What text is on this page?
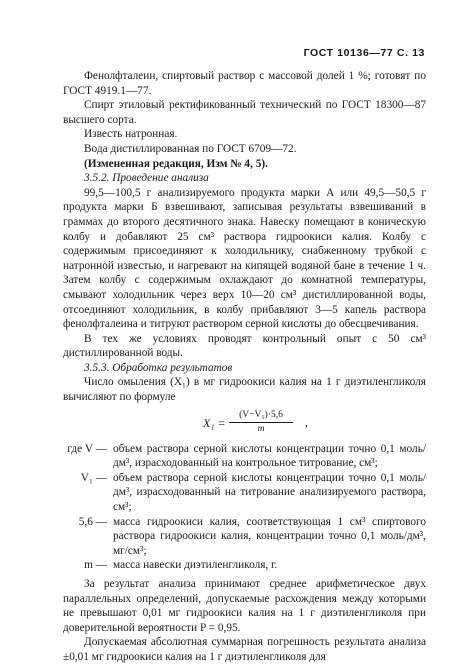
ГОСТ 10136—77 С. 13

Фенолфталеин, спиртовый раствор с массовой долей 1 %; готовят по ГОСТ 4919.1—77.

Спирт этиловый ректификованный технический по ГОСТ 18300—87 высшего сорта.

Известь натронная.

Вода дистиллированная по ГОСТ 6709—72.

(Измененная редакция, Изм № 4, 5).

3.5.2. Проведение анализа

99,5—100,5 г анализируемого продукта марки А или 49,5—50,5 г продукта марки Б взвешивают, записывая результаты взвешиваний в граммах до второго десятичного знака. Навеску помещают в коническую колбу и добавляют 25 см³ раствора гидроокиси калия. Колбу с содержимым присоединяют к холодильнику, снабженному трубкой с натронной известью, и нагревают на кипящей водяной бане в течение 1 ч. Затем колбу с содержимым охлаждают до комнатной температуры, смывают холодильник через верх 10—20 см³ дистиллированной воды, отсоединяют холодильник, в колбу прибавляют 3—5 капель раствора фенолфталеина и титруют раствором серной кислоты до обесцвечивания.

В тех же условиях проводят контрольный опыт с 50 см³ дистиллированной воды.

3.5.3. Обработка результатов

Число омыления (X₁) в мг гидроокиси калия на 1 г диэтиленгликоля вычисляют по формуле

$X_1 = \frac{\text{(V−V₁)·5,6}}{m}$ ,
где V — объем раствора серной кислоты концентрации точно 0,1 моль/дм³, израсходованный на контрольное титрование, см³;
V₁ — объем раствора серной кислоты концентрации точно 0,1 моль/дм³, израсходованный на титрование анализируемого раствора, см³;
5,6 — масса гидроокиси калия, соответствующая 1 см³ спиртового раствора гидроокиси калия, концентрации точно 0,1 моль/дм³, мг/см³;
m — масса навески диэтиленгликоля, г.

За результат анализа принимают среднее арифметическое двух параллельных определений, допускаемые расхождения между которыми не превышают 0,01 мг гидроокиси калия на 1 г диэтиленгликоля при доверительной вероятности P = 0,95.

Допускаемая абсолютная суммарная погрешность результата анализа ±0,01 мг гидроокиси калия на 1 г диэтиленгликоля для
